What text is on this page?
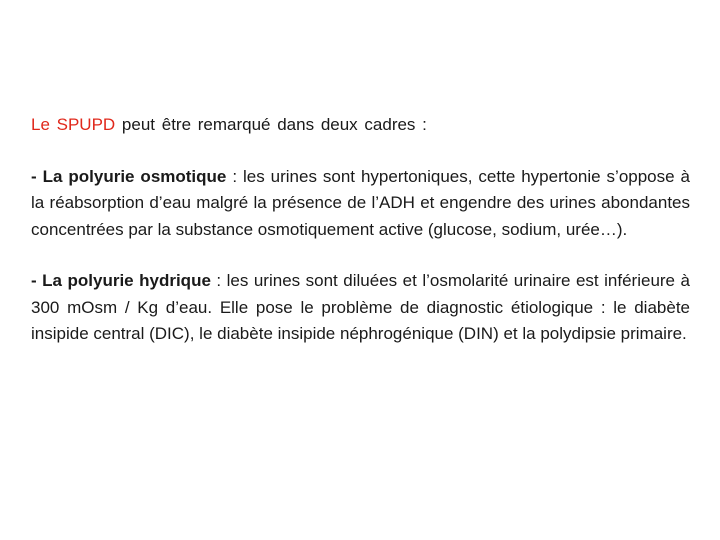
Le SPUPD peut être remarqué dans deux cadres :

- La polyurie osmotique : les urines sont hypertoniques, cette hypertonie s’oppose à la réabsorption d’eau malgré la présence de l’ADH et engendre des urines abondantes concentrées par la substance osmotiquement active (glucose, sodium, urée…).

- La polyurie hydrique : les urines sont diluées et l’osmolarité urinaire est inférieure à 300 mOsm / Kg d’eau. Elle pose le problème de diagnostic étiologique : le diabète insipide central (DIC), le diabète insipide néphrogénique (DIN) et la polydipsie primaire.
